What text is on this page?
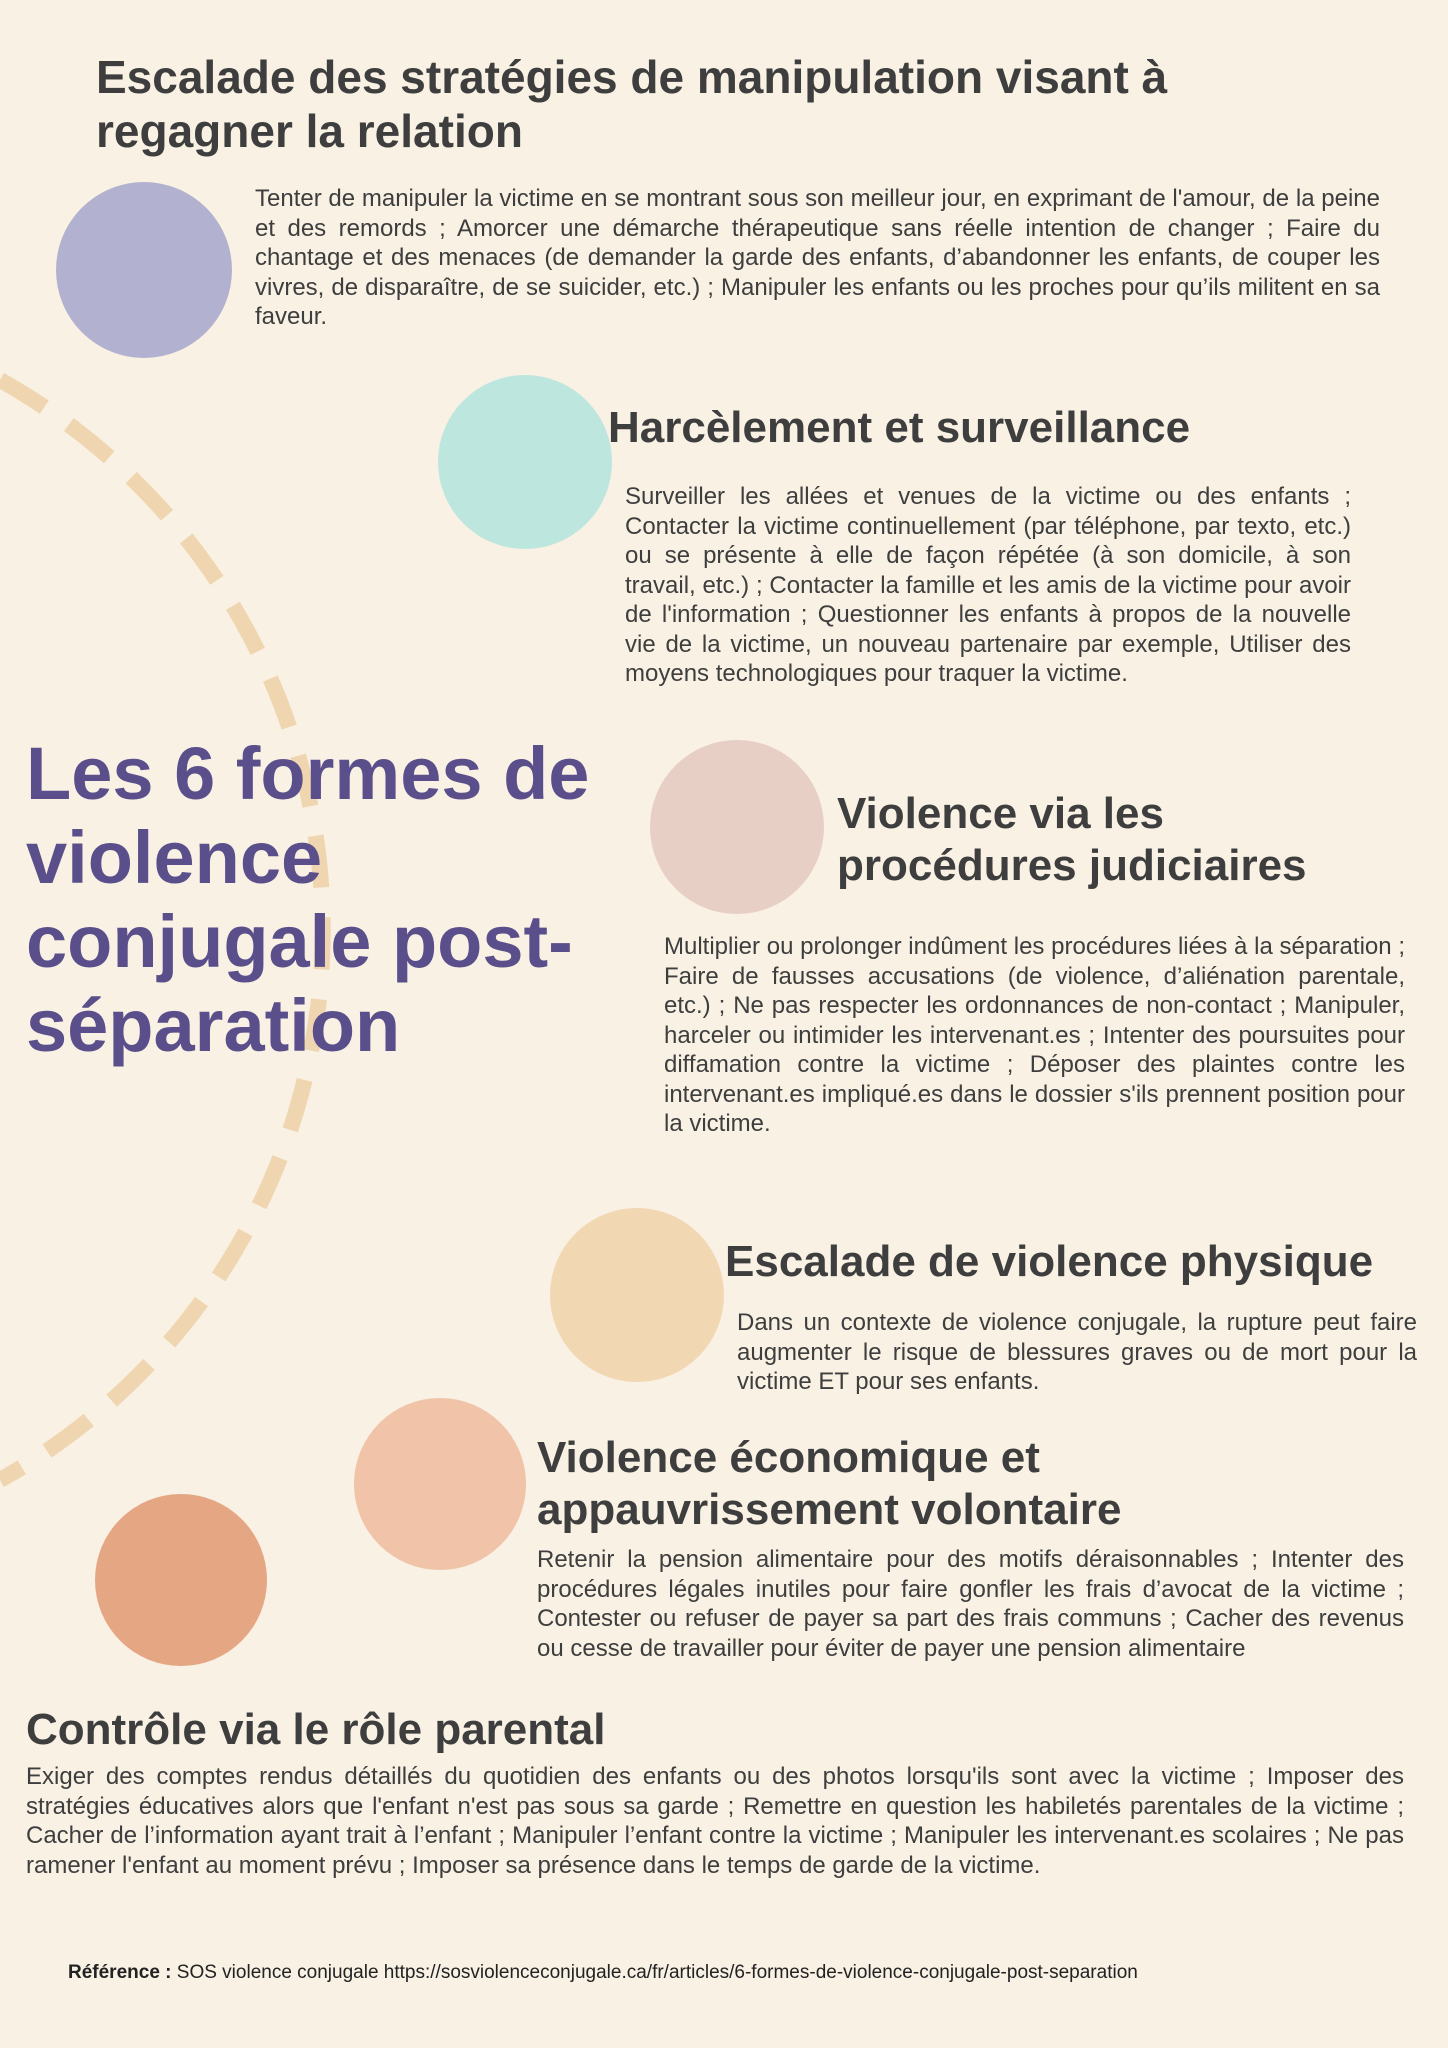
Escalade des stratégies de manipulation visant à regagner la relation

Tenter de manipuler la victime en se montrant sous son meilleur jour, en exprimant de l'amour, de la peine et des remords ; Amorcer une démarche thérapeutique sans réelle intention de changer ; Faire du chantage et des menaces (de demander la garde des enfants, d’abandonner les enfants, de couper les vivres, de disparaître, de se suicider, etc.) ; Manipuler les enfants ou les proches pour qu’ils militent en sa faveur.

Harcèlement et surveillance

Surveiller les allées et venues de la victime ou des enfants ; Contacter la victime continuellement (par téléphone, par texto, etc.) ou se présente à elle de façon répétée (à son domicile, à son travail, etc.) ; Contacter la famille et les amis de la victime pour avoir de l'information ; Questionner les enfants à propos de la nouvelle vie de la victime, un nouveau partenaire par exemple, Utiliser des moyens technologiques pour traquer la victime.

Les 6 formes de violence conjugale post-séparation
Violence via les procédures judiciaires

Multiplier ou prolonger indûment les procédures liées à la séparation ; Faire de fausses accusations (de violence, d’aliénation parentale, etc.) ; Ne pas respecter les ordonnances de non-contact ; Manipuler, harceler ou intimider les intervenant.es ; Intenter des poursuites pour diffamation contre la victime ; Déposer des plaintes contre les intervenant.es impliqué.es dans le dossier s'ils prennent position pour la victime.

Escalade de violence physique

Dans un contexte de violence conjugale, la rupture peut faire augmenter le risque de blessures graves ou de mort pour la victime ET pour ses enfants.

Violence économique et appauvrissement volontaire

Retenir la pension alimentaire pour des motifs déraisonnables ; Intenter des procédures légales inutiles pour faire gonfler les frais d’avocat de la victime ; Contester ou refuser de payer sa part des frais communs ; Cacher des revenus ou cesse de travailler pour éviter de payer une pension alimentaire

Contrôle via le rôle parental

Exiger des comptes rendus détaillés du quotidien des enfants ou des photos lorsqu'ils sont avec la victime ; Imposer des stratégies éducatives alors que l'enfant n'est pas sous sa garde ; Remettre en question les habiletés parentales de la victime ; Cacher de l’information ayant trait à l’enfant ; Manipuler l’enfant contre la victime ; Manipuler les intervenant.es scolaires ; Ne pas ramener l'enfant au moment prévu ; Imposer sa présence dans le temps de garde de la victime.

Référence : SOS violence conjugale https://sosviolenceconjugale.ca/fr/articles/6-formes-de-violence-conjugale-post-separation
